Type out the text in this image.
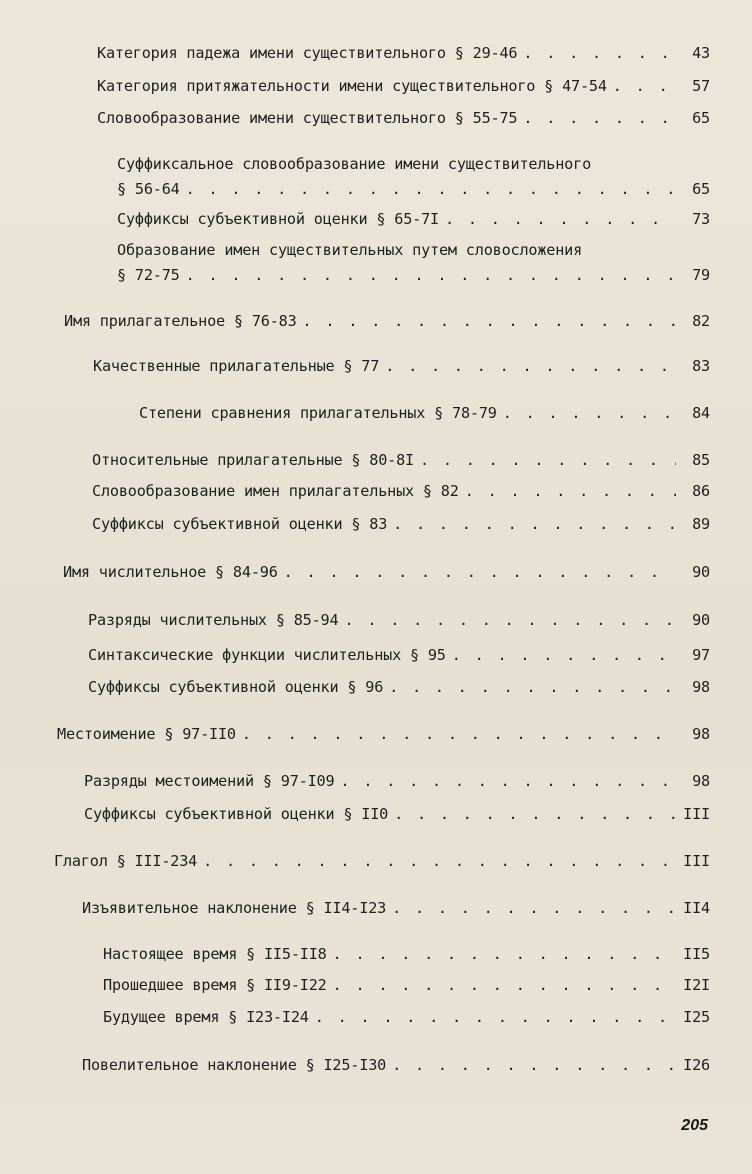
Категория падежа имени существительного § 29-46 . . .	43
Категория притяжательности имени существительного § 47-54 . . .	57
Словообразование имени существительного § 55-75 . . .	65
Суффиксальное словообразование имени существительного
§ 56-64 . . .	65
Суффиксы субъективной оценки § 65-7I . . .	73
Образование имен существительных путем словосложения
§ 72-75 . . .	79
Имя прилагательное § 76-83 . . .	82
Качественные прилагательные § 77 . . .	83
Степени сравнения прилагательных § 78-79 . . .	84
Относительные прилагательные § 80-8I . . .	85
Словообразование имен прилагательных § 82 . . .	86
Суффиксы субъективной оценки § 83 . . .	89
Имя числительное § 84-96 . . .	90
Разряды числительных § 85-94 . . .	90
Синтаксические функции числительных § 95 . . .	97
Суффиксы субъективной оценки § 96 . . .	98
Местоимение § 97-II0 . . .	98
Разряды местоимений § 97-I09 . . .	98
Суффиксы субъективной оценки § II0 . . .	III
Глагол § III-234 . . .	III
Изъявительное наклонение § II4-I23 . . .	II4
Настоящее время § II5-II8 . . .	II5
Прошедшее время § II9-I22 . . .	I2I
Будущее время § I23-I24 . . .	I25
Повелительное наклонение § I25-I30 . . .	I26
205
